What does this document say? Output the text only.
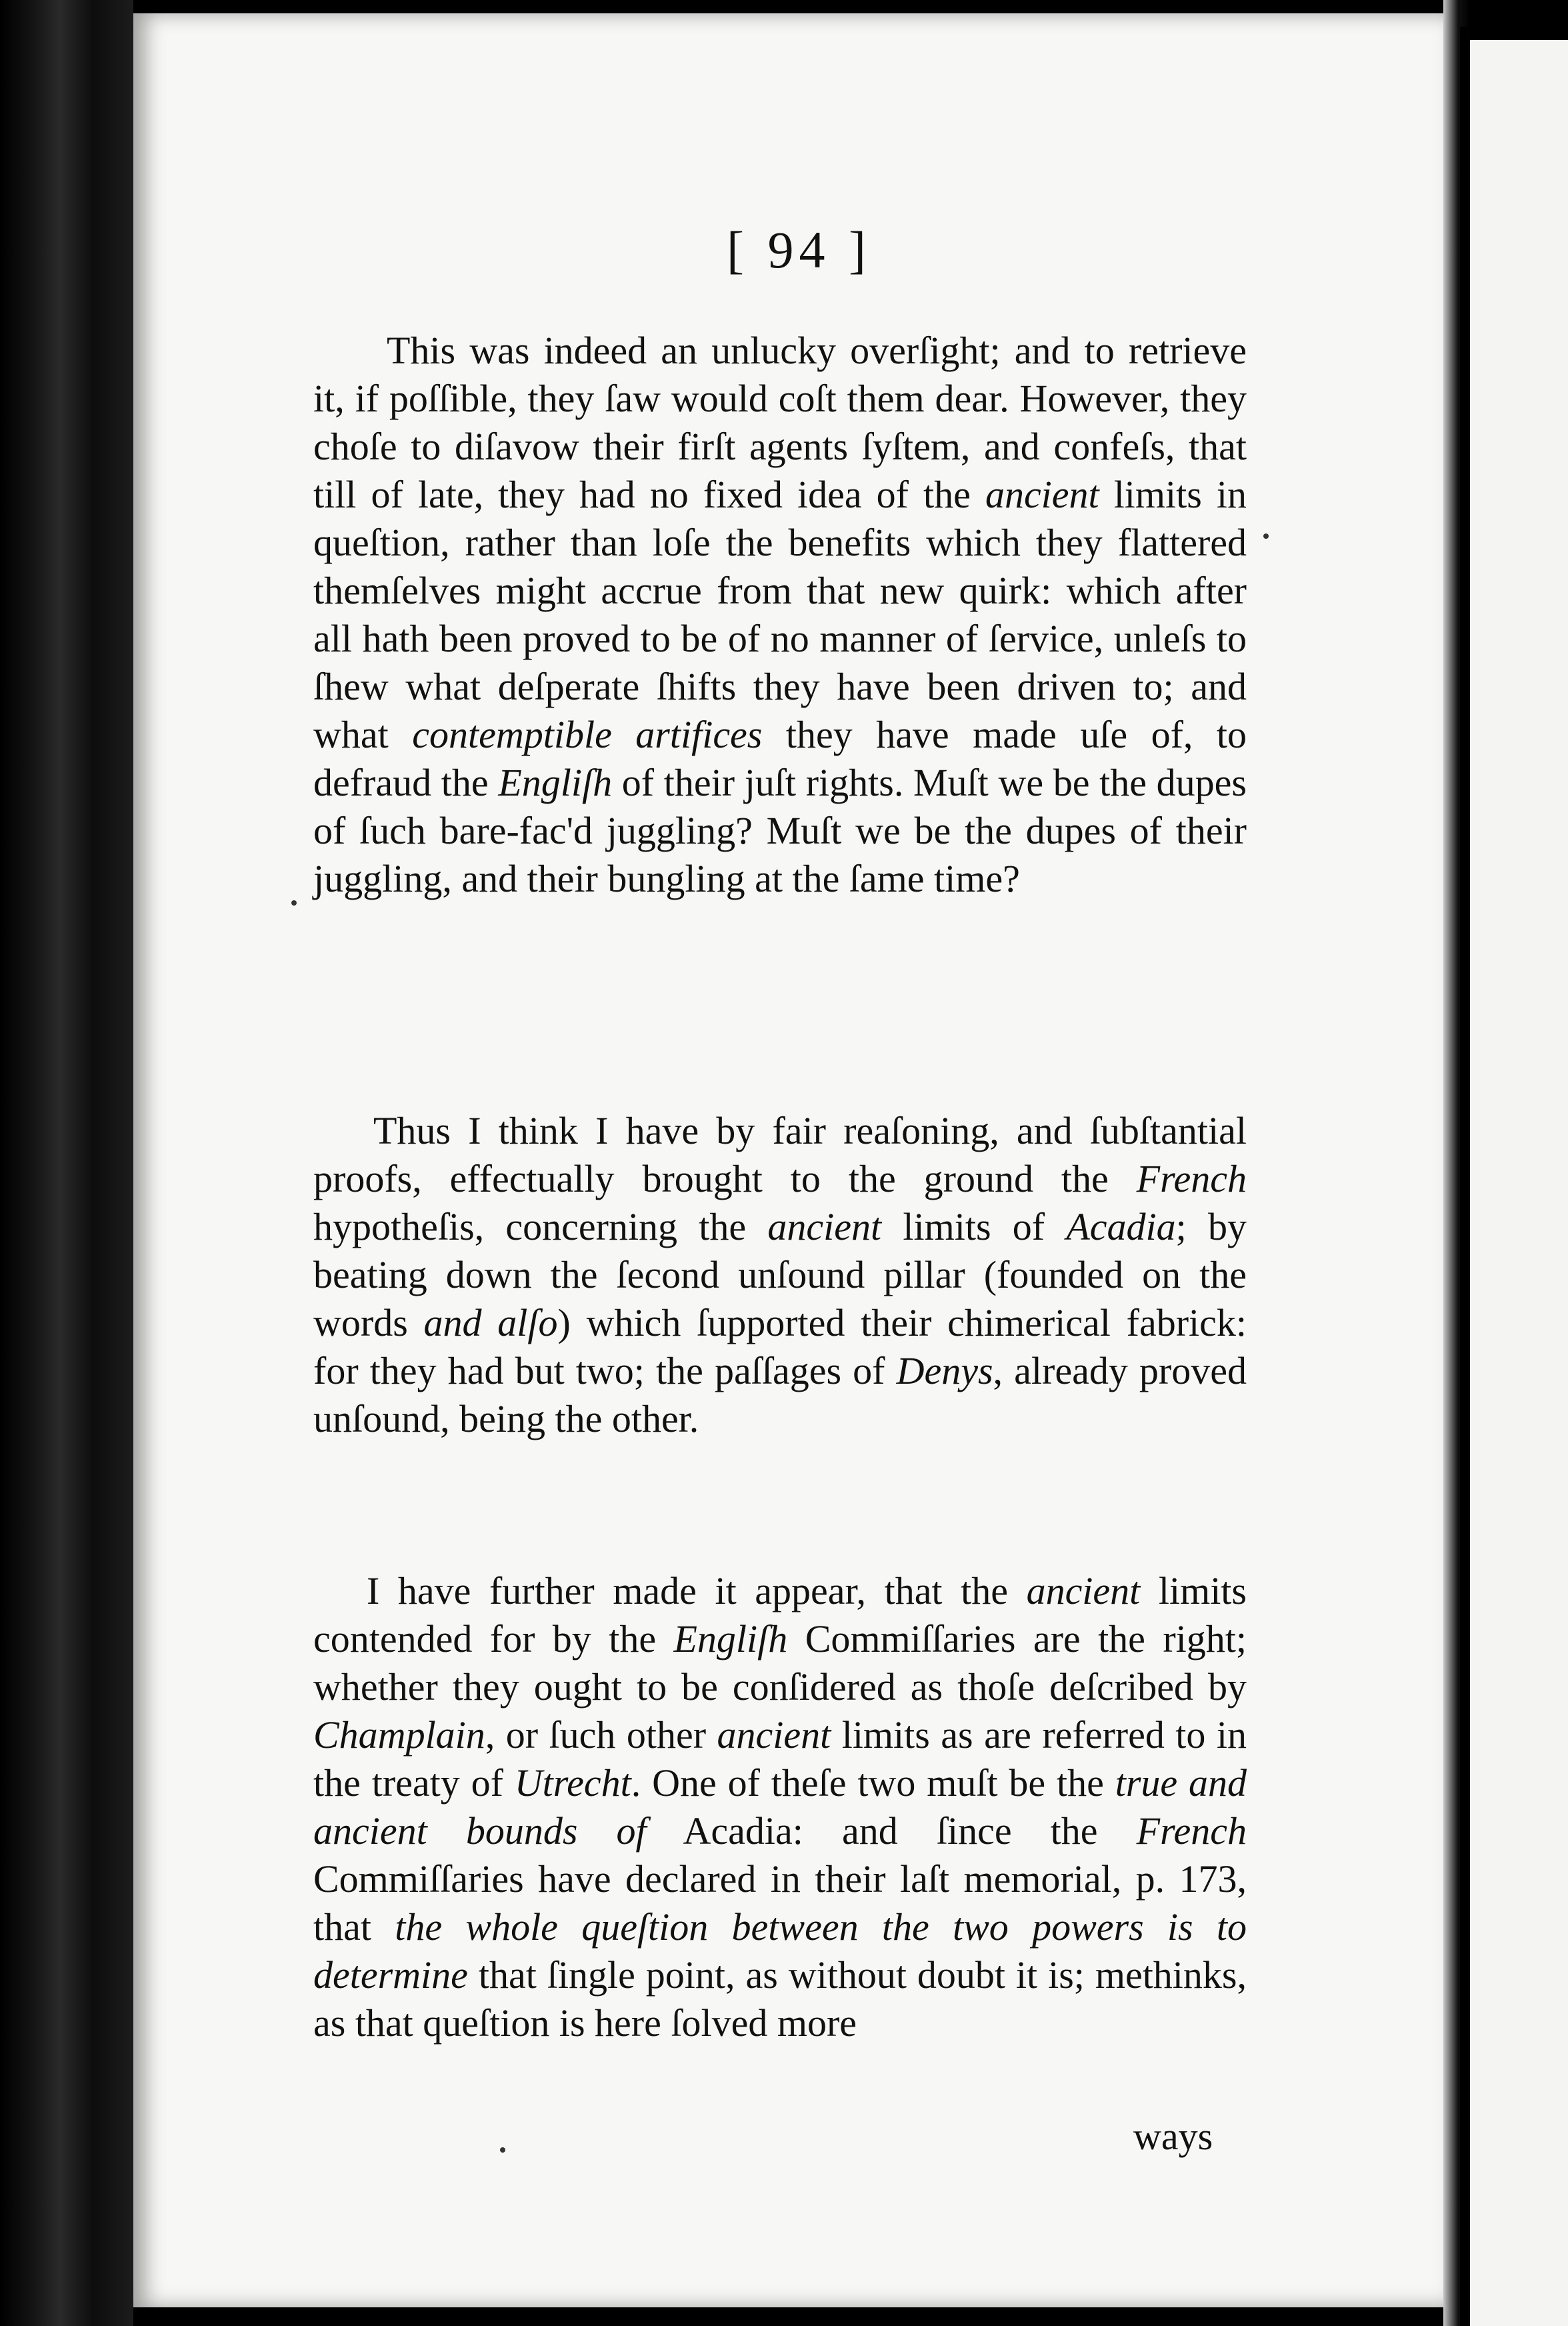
[ 94 ]

This was indeed an unlucky overſight; and to retrieve it, if poſſible, they ſaw would coſt them dear. However, they choſe to diſavow their firſt agents ſyſtem, and confeſs, that till of late, they had no fixed idea of the ancient limits in queſtion, rather than loſe the benefits which they flattered themſelves might accrue from that new quirk: which after all hath been proved to be of no manner of ſervice, unleſs to ſhew what deſperate ſhifts they have been driven to; and what contemptible artifices they have made uſe of, to defraud the Engliſh of their juſt rights. Muſt we be the dupes of ſuch bare-fac'd juggling? Muſt we be the dupes of their juggling, and their bungling at the ſame time?

Thus I think I have by fair reaſoning, and ſubſtantial proofs, effectually brought to the ground the French hypotheſis, concerning the ancient limits of Acadia; by beating down the ſecond unſound pillar (founded on the words and alſo) which ſupported their chimerical fabrick: for they had but two; the paſſages of Denys, already proved unſound, being the other.

I have further made it appear, that the ancient limits contended for by the Engliſh Commiſſaries are the right; whether they ought to be conſidered as thoſe deſcribed by Champlain, or ſuch other ancient limits as are referred to in the treaty of Utrecht. One of theſe two muſt be the true and ancient bounds of Acadia: and ſince the French Commiſſaries have declared in their laſt memorial, p. 173, that the whole queſtion between the two powers is to determine that ſingle point, as without doubt it is; methinks, as that queſtion is here ſolved more

ways
